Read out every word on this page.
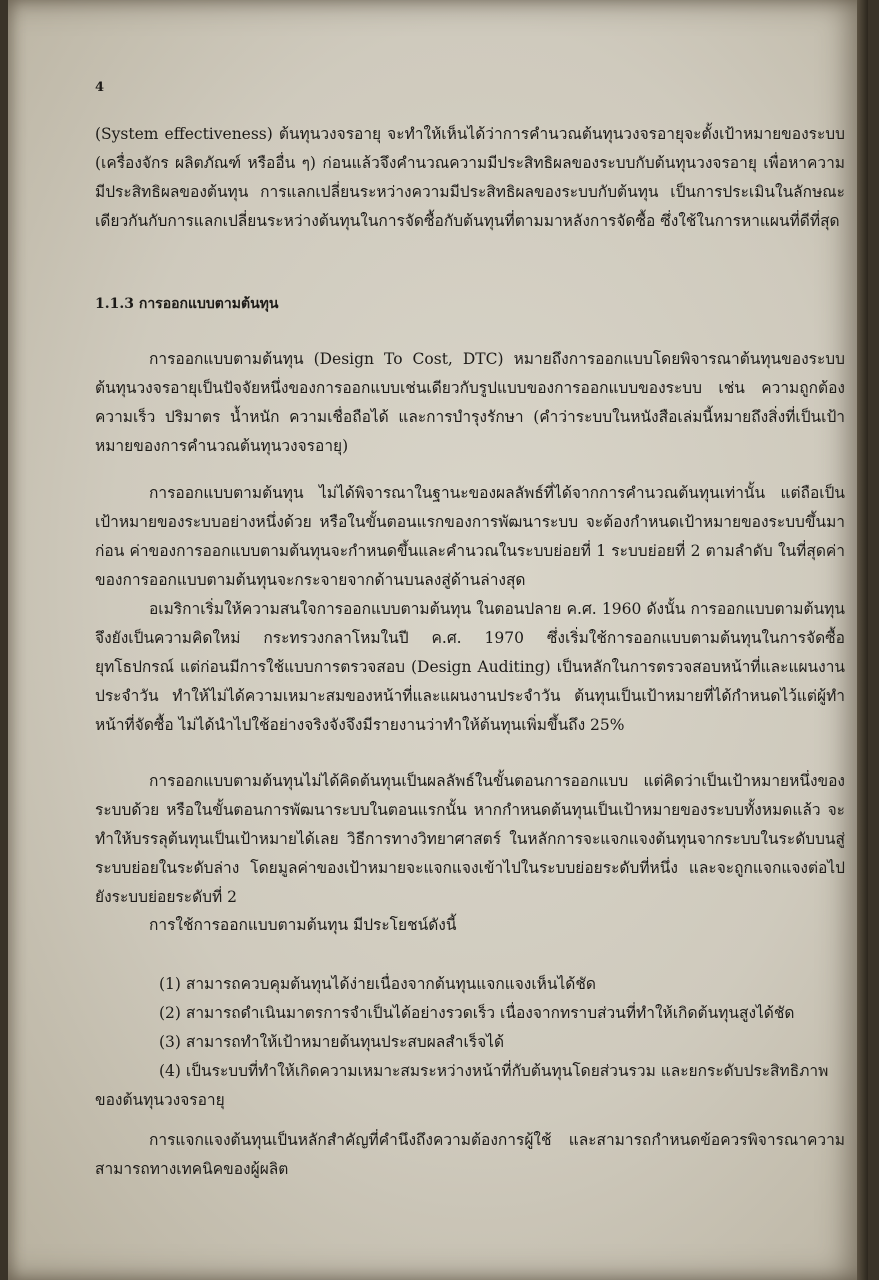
4

(System effectiveness) ต้นทุนวงจรอายุ จะทำให้เห็นได้ว่าการคำนวณต้นทุนวงจรอายุจะตั้งเป้าหมายของระบบ (เครื่องจักร ผลิตภัณฑ์ หรืออื่น ๆ) ก่อนแล้วจึงคำนวณความมีประสิทธิผลของระบบกับต้นทุนวงจรอายุ เพื่อหาความมีประสิทธิผลของต้นทุน การแลกเปลี่ยนระหว่างความมีประสิทธิผลของระบบกับต้นทุน เป็นการประเมินในลักษณะเดียวกันกับการแลกเปลี่ยนระหว่างต้นทุนในการจัดซื้อกับต้นทุนที่ตามมาหลังการจัดซื้อ ซึ่งใช้ในการหาแผนที่ดีที่สุด

1.1.3 การออกแบบตามต้นทุน

การออกแบบตามต้นทุน (Design To Cost, DTC) หมายถึงการออกแบบโดยพิจารณาต้นทุนของระบบต้นทุนวงจรอายุเป็นปัจจัยหนึ่งของการออกแบบเช่นเดียวกับรูปแบบของการออกแบบของระบบ เช่น ความถูกต้อง ความเร็ว ปริมาตร น้ำหนัก ความเชื่อถือได้ และการบำรุงรักษา (คำว่าระบบในหนังสือเล่มนี้หมายถึงสิ่งที่เป็นเป้าหมายของการคำนวณต้นทุนวงจรอายุ)

การออกแบบตามต้นทุน ไม่ได้พิจารณาในฐานะของผลลัพธ์ที่ได้จากการคำนวณต้นทุนเท่านั้น แต่ถือเป็นเป้าหมายของระบบอย่างหนึ่งด้วย หรือในขั้นตอนแรกของการพัฒนาระบบ จะต้องกำหนดเป้าหมายของระบบขึ้นมาก่อน ค่าของการออกแบบตามต้นทุนจะกำหนดขึ้นและคำนวณในระบบย่อยที่ 1 ระบบย่อยที่ 2 ตามลำดับ ในที่สุดค่าของการออกแบบตามต้นทุนจะกระจายจากด้านบนลงสู่ด้านล่างสุด

อเมริกาเริ่มให้ความสนใจการออกแบบตามต้นทุน ในตอนปลาย ค.ศ. 1960 ดังนั้น การออกแบบตามต้นทุนจึงยังเป็นความคิดใหม่ กระทรวงกลาโหมในปี ค.ศ. 1970 ซึ่งเริ่มใช้การออกแบบตามต้นทุนในการจัดซื้อยุทโธปกรณ์ แต่ก่อนมีการใช้แบบการตรวจสอบ (Design Auditing) เป็นหลักในการตรวจสอบหน้าที่และแผนงานประจำวัน ทำให้ไม่ได้ความเหมาะสมของหน้าที่และแผนงานประจำวัน ต้นทุนเป็นเป้าหมายที่ได้กำหนดไว้แต่ผู้ทำหน้าที่จัดซื้อ ไม่ได้นำไปใช้อย่างจริงจังจึงมีรายงานว่าทำให้ต้นทุนเพิ่มขึ้นถึง 25%

การออกแบบตามต้นทุนไม่ได้คิดต้นทุนเป็นผลลัพธ์ในขั้นตอนการออกแบบ แต่คิดว่าเป็นเป้าหมายหนึ่งของระบบด้วย หรือในขั้นตอนการพัฒนาระบบในตอนแรกนั้น หากกำหนดต้นทุนเป็นเป้าหมายของระบบทั้งหมดแล้ว จะทำให้บรรลุต้นทุนเป็นเป้าหมายได้เลย วิธีการทางวิทยาศาสตร์ ในหลักการจะแจกแจงต้นทุนจากระบบในระดับบนสู่ระบบย่อยในระดับล่าง โดยมูลค่าของเป้าหมายจะแจกแจงเข้าไปในระบบย่อยระดับที่หนึ่ง และจะถูกแจกแจงต่อไปยังระบบย่อยระดับที่ 2

การใช้การออกแบบตามต้นทุน มีประโยชน์ดังนี้

(1) สามารถควบคุมต้นทุนได้ง่ายเนื่องจากต้นทุนแจกแจงเห็นได้ชัด
(2) สามารถดำเนินมาตรการจำเป็นได้อย่างรวดเร็ว เนื่องจากทราบส่วนที่ทำให้เกิดต้นทุนสูงได้ชัด
(3) สามารถทำให้เป้าหมายต้นทุนประสบผลสำเร็จได้
(4) เป็นระบบที่ทำให้เกิดความเหมาะสมระหว่างหน้าที่กับต้นทุนโดยส่วนรวม และยกระดับประสิทธิภาพของต้นทุนวงจรอายุ

การแจกแจงต้นทุนเป็นหลักสำคัญที่คำนึงถึงความต้องการผู้ใช้ และสามารถกำหนดข้อควรพิจารณาความสามารถทางเทคนิคของผู้ผลิต
